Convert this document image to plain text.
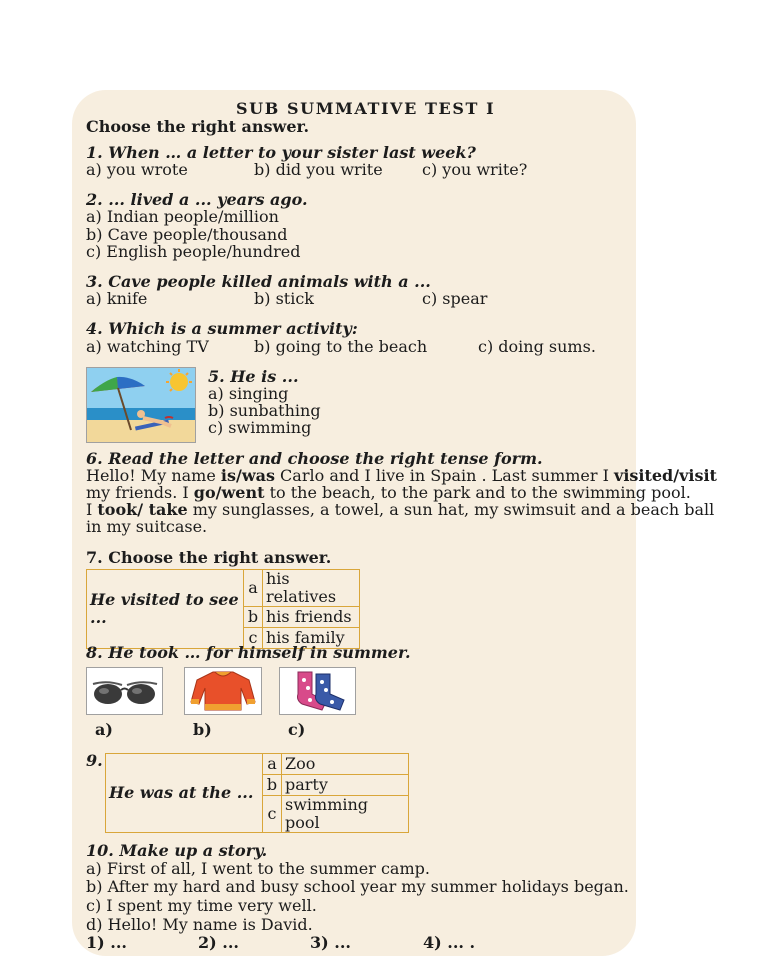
SUB SUMMATIVE TEST I
Choose the right answer.
1. When … a letter to your sister last week?
a) you wrote	b) did you write c) you write?
2. ... lived a ... years ago.
a) Indian people/million
b) Cave people/thousand
c) English people/hundred
3. Cave people killed animals with a ...
a) knife	b) stick	c) spear
4. Which is a summer activity:
a) watching TV	b) going to the beach	c) doing sums.
5. He is ...
a) singing
b) sunbathing
c) swimming
6. Read the letter and choose the right tense form.
Hello! My name is/was Carlo and I live in Spain . Last summer I visited/visit
my friends. I go/went to the beach, to the park and to the swimming pool.
I took/ take my sunglasses, a towel, a sun hat, my swimsuit and a beach ball
in my suitcase.
7. Choose the right answer.
He visited to see ...	a	his relatives
	b	his friends
	c	his family
8. He took … for himself in summer.
a)	b)	c)
9.
He was at the ...	a	Zoo
	b	party
	c	swimming pool
10. Make up a story.
a) First of all, I went to the summer camp.
b) After my hard and busy school year my summer holidays began.
c) I spent my time very well.
d) Hello! My name is David.
1) ...	2) ...	3) ...	4) ... .
